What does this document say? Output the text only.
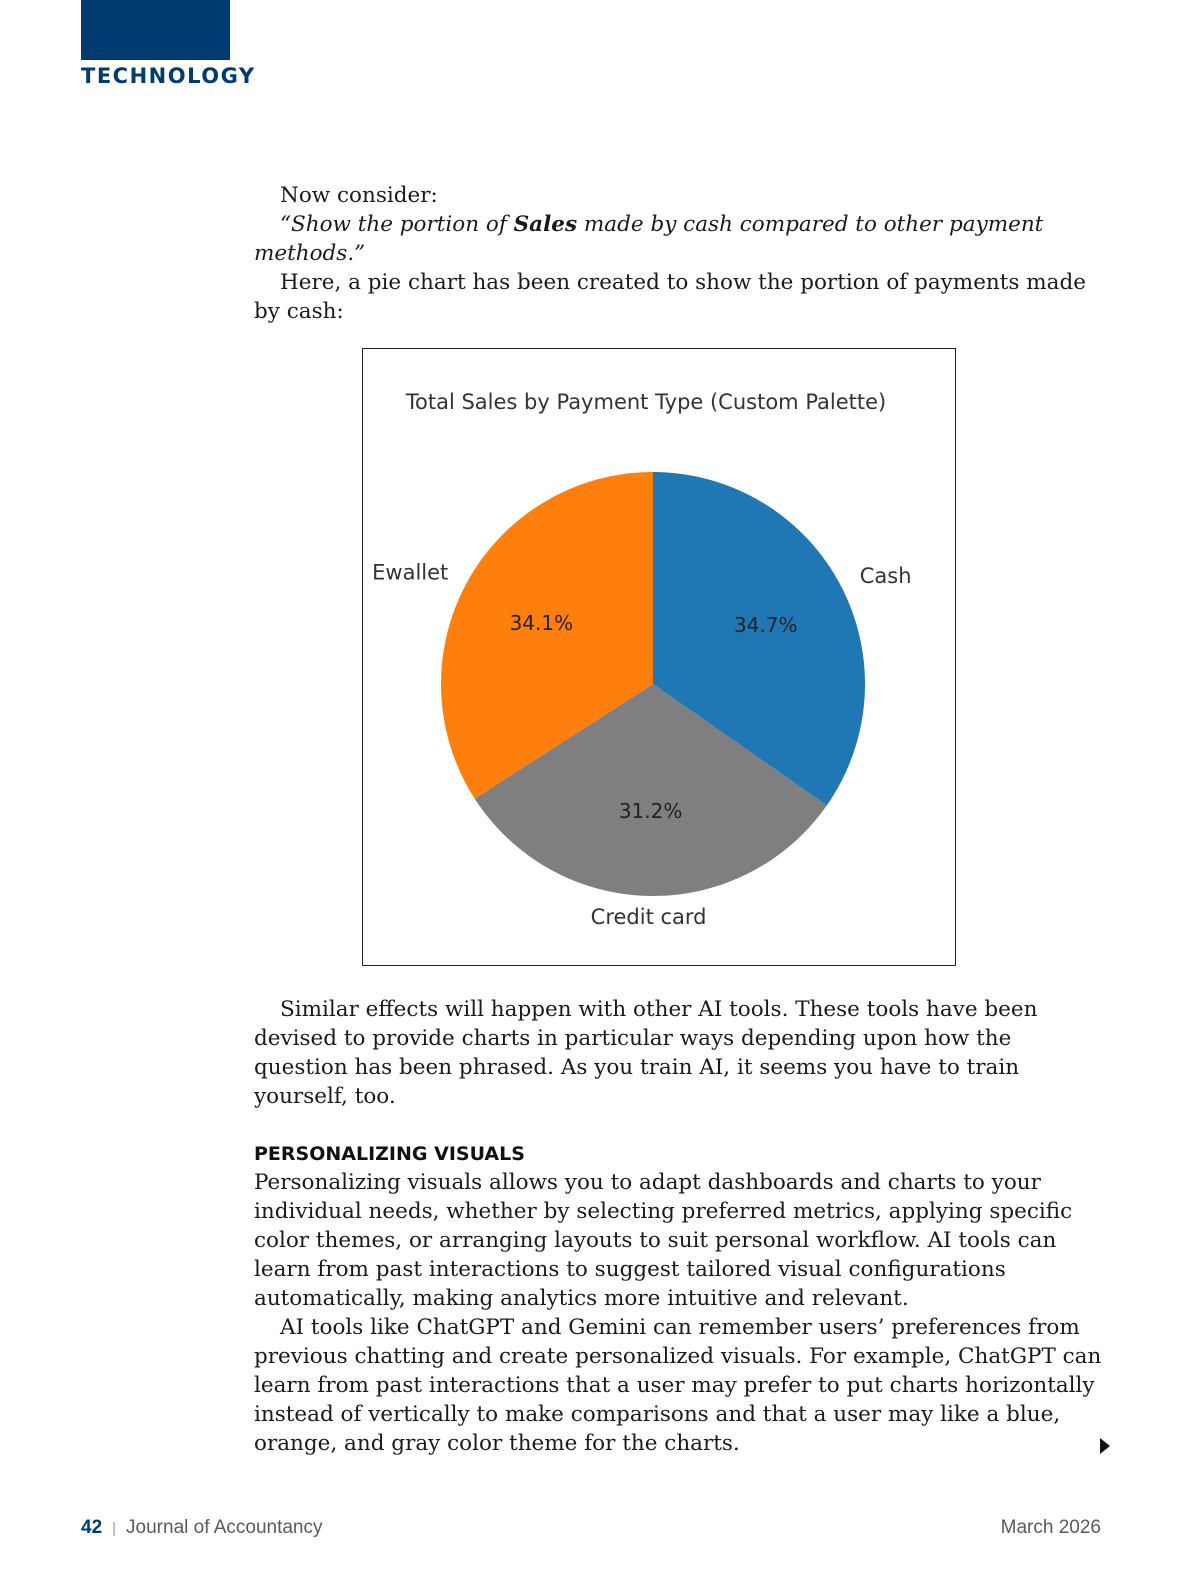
TECHNOLOGY

Now consider:

“Show the portion of Sales made by cash compared to other payment methods.”

Here, a pie chart has been created to show the portion of payments made by cash:

Total Sales by Payment Type (Custom Palette)
34.1%
Ewallet
31.2%
Credit card
34.7%
Cash

Similar effects will happen with other AI tools. These tools have been devised to provide charts in particular ways depending upon how the question has been phrased. As you train AI, it seems you have to train yourself, too.

PERSONALIZING VISUALS

Personalizing visuals allows you to adapt dashboards and charts to your individual needs, whether by selecting preferred metrics, applying specific color themes, or arranging layouts to suit personal workflow. AI tools can learn from past interactions to suggest tailored visual configurations automatically, making analytics more intuitive and relevant.

AI tools like ChatGPT and Gemini can remember users’ preferences from previous chatting and create personalized visuals. For example, ChatGPT can learn from past interactions that a user may prefer to put charts horizontally instead of vertically to make comparisons and that a user may like a blue, orange, and gray color theme for the charts.

42 | Journal of Accountancy	March 2026
